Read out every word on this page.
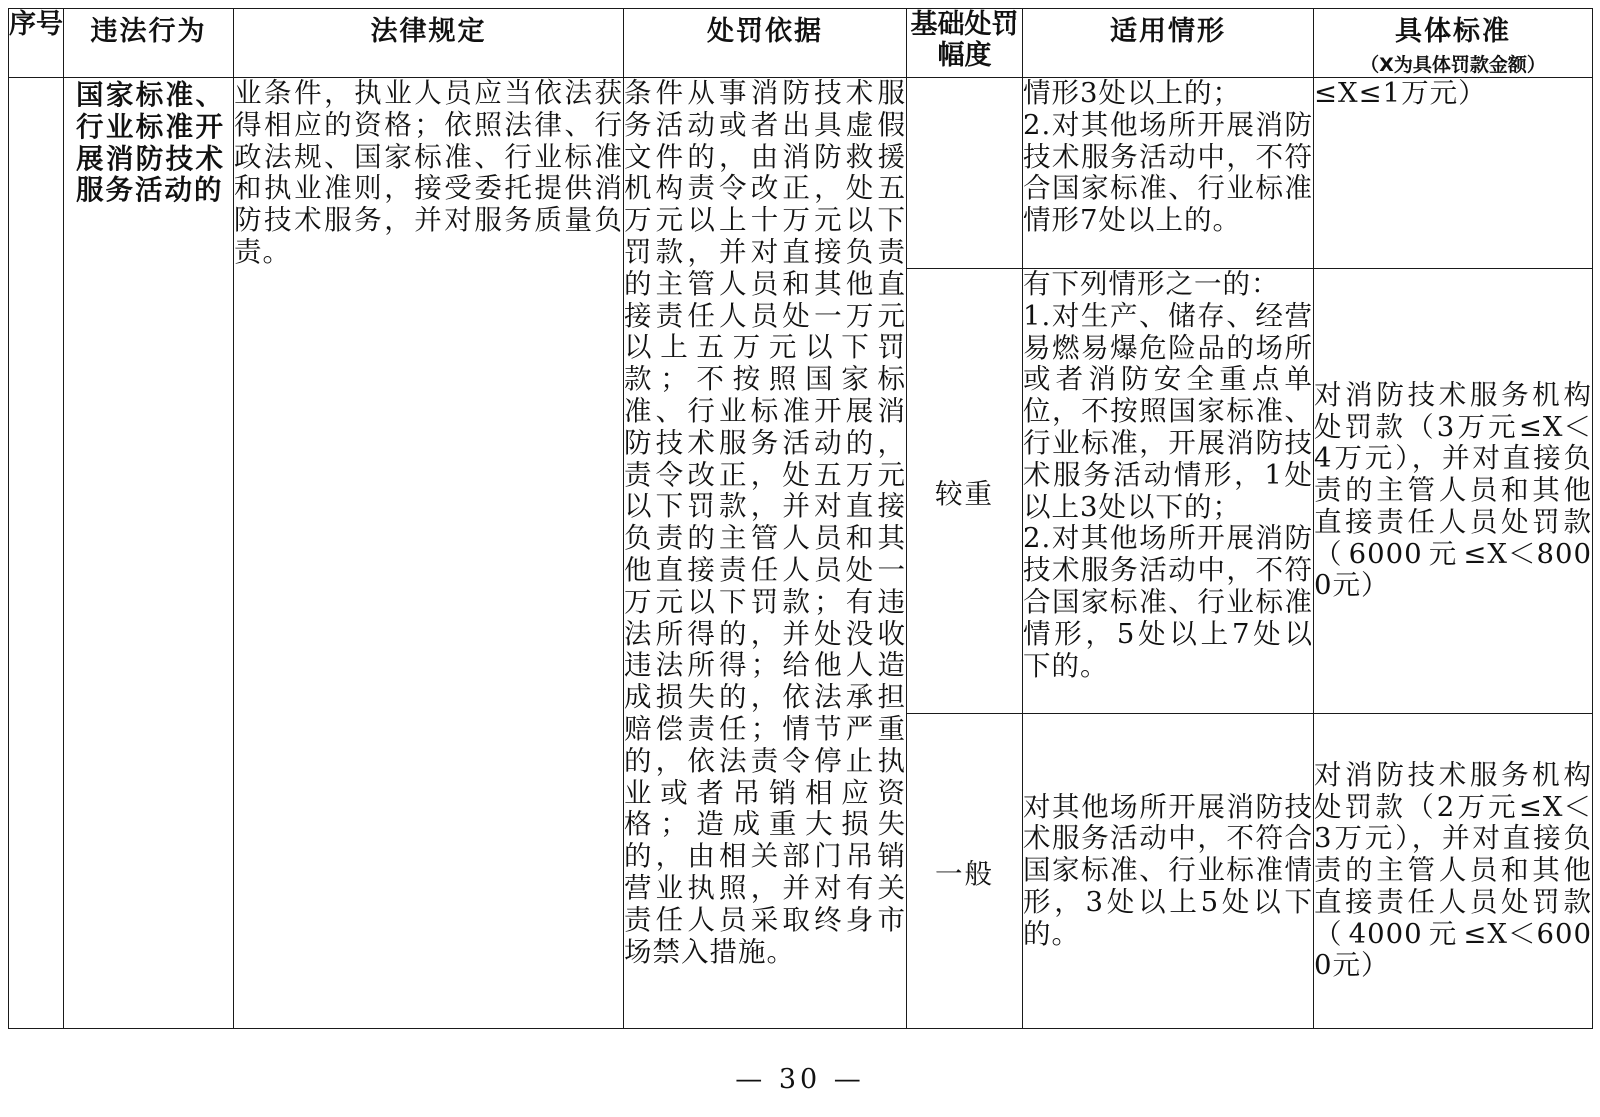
序号	违法行为	法律规定	处罚依据	基础处罚幅度	适用情形	具体标准
（X为具体罚款金额）

	国家标准、行业标准开展消防技术服务活动的	业条件，执业人员应当依法获得相应的资格；依照法律、行政法规、国家标准、行业标准和执业准则，接受委托提供消防技术服务，并对服务质量负责。	条件从事消防技术服务活动或者出具虚假文件的，由消防救援机构责令改正，处五万元以上十万元以下罚款，并对直接负责的主管人员和其他直接责任人员处一万元以上五万元以下罚款；不按照国家标准、行业标准开展消防技术服务活动的，责令改正，处五万元以下罚款，并对直接负责的主管人员和其他直接责任人员处一万元以下罚款；有违法所得的，并处没收违法所得；给他人造成损失的，依法承担赔偿责任；情节严重的，依法责令停止执业或者吊销相应资格；造成重大损失的，由相关部门吊销营业执照，并对有关责任人员采取终身市场禁入措施。		情形3处以上的；
2.对其他场所开展消防技术服务活动中，不符合国家标准、行业标准情形7处以上的。	≤X≤1万元）
				较重	有下列情形之一的：
1.对生产、储存、经营易燃易爆危险品的场所或者消防安全重点单位，不按照国家标准、行业标准，开展消防技术服务活动情形，1处以上3处以下的；
2.对其他场所开展消防技术服务活动中，不符合国家标准、行业标准情形，5处以上7处以下的。	对消防技术服务机构处罚款（3万元≤X＜4万元），并对直接负责的主管人员和其他直接责任人员处罚款（6000元≤X＜8000元）
				一般	对其他场所开展消防技术服务活动中，不符合国家标准、行业标准情形，3处以上5处以下的。	对消防技术服务机构处罚款（2万元≤X＜3万元），并对直接负责的主管人员和其他直接责任人员处罚款（4000元≤X＜6000元）
— 30 —
